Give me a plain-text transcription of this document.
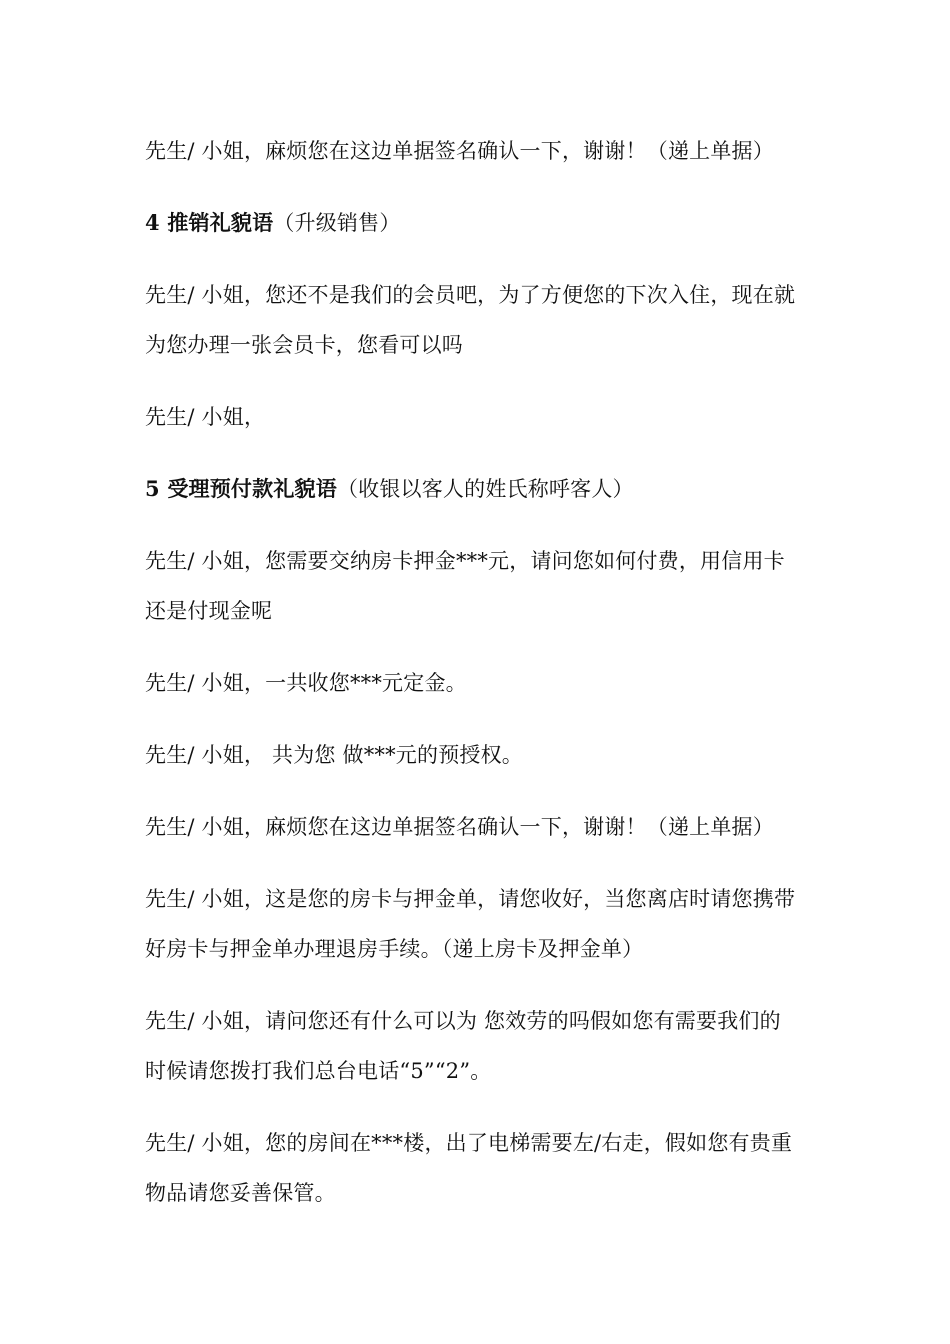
先生/ 小姐，麻烦您在这边单据签名确认一下，谢谢！（递上单据）
4 推销礼貌语（升级销售）
先生/ 小姐，您还不是我们的会员吧，为了方便您的下次入住，现在就
为您办理一张会员卡，您看可以吗
先生/ 小姐，
5 受理预付款礼貌语（收银以客人的姓氏称呼客人）
先生/ 小姐，您需要交纳房卡押金***元，请问您如何付费，用信用卡
还是付现金呢
先生/ 小姐，一共收您***元定金。
先生/ 小姐， 共为您 做***元的预授权。
先生/ 小姐，麻烦您在这边单据签名确认一下，谢谢！（递上单据）
先生/ 小姐，这是您的房卡与押金单，请您收好，当您离店时请您携带
好房卡与押金单办理退房手续。（递上房卡及押金单）
先生/ 小姐，请问您还有什么可以为 您效劳的吗假如您有需要我们的
时候请您拨打我们总台电话“5”“2”。
先生/ 小姐，您的房间在***楼，出了电梯需要左/右走，假如您有贵重
物品请您妥善保管。
